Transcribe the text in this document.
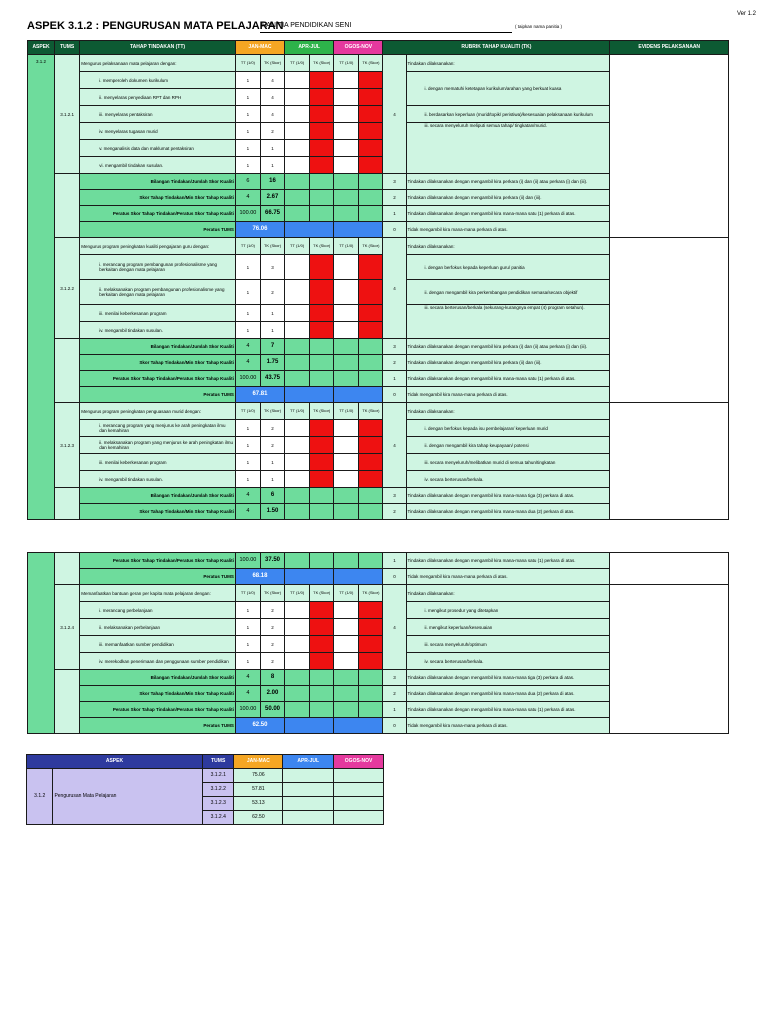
Ver 1.2
ASPEK 3.1.2 : PENGURUSAN MATA PELAJARAN
PANITIA PENDIDIKAN SENI	( taipkan nama panitia )
ASPEK	TUMS	TAHAP TINDAKAN (TT)	JAN-MAC		APR-JUL		OGOS-NOV		RUBRIK TAHAP KUALITI (TK)		EVIDENS PELAKSANAAN
3.1.2	3.1.2.1	Mengurus pelaksanaan mata pelajaran dengan:	TT (1/0)	TK (Skor)	TT (1/0)	TK (Skor)	TT (1/0)	TK (Skor)	4	Tindakan dilaksanakan:	
		i. memperoleh dokumen kurikulum	1	4						i. dengan mematuhi ketetapan kurikulum/arahan yang berkuat kuasa	
		ii. menyelaras penyediaan RPT dan RPH	1	4							
		iii. menyelaras pentaksiran	1	4						ii. berdasarkan keperluan (murid/topik/ peristiwa)/kesesuaian pelaksanaan kurikulum	
		iv. menyelaras tugasan murid	1	2						iii. secara menyeluruh meliputi semua tahap/ tingkatan/murid.	
		v. menganalisis data dan maklumat pentaksiran	1	1							
		vi. mengambil tindakan susulan.	1	1							
		Bilangan Tindakan/Jumlah Skor Kualiti	6	16					3	Tindakan dilaksanakan dengan mengambil kira perkara (i) dan (ii) atau perkara (i) dan (iii).	
		Skor Tahap Tindakan/Min Skor Tahap Kualiti	4	2.67					2	Tindakan dilaksanakan dengan mengambil kira perkara (ii) dan (iii).	
		Peratus Skor Tahap Tindakan/Peratus Skor Tahap Kualiti	100.00	66.75					1	Tindakan dilaksanakan dengan mengambil kira mana-mana satu (1) perkara di atas.	
		Peratus TUMS	76.06						0	Tidak mengambil kira mana-mana perkara di atas.	
	3.1.2.2	Mengurus program peningkatan kualiti pengajaran guru dengan:	TT (1/0)	TK (Skor)	TT (1/0)	TK (Skor)	TT (1/0)	TK (Skor)	4	Tindakan dilaksanakan:	
		i. merancang program pembangunan profesionalisme yang berkaitan dengan mata pelajaran	1	3						i. dengan berfokus kepada keperluan guru/ panitia	
		ii. melaksanakan program pembangunan profesionalisme yang berkaitan dengan mata pelajaran	1	2						ii. dengan mengambil kira perkembangan pendidikan semasa/secara objektif	
		iii. menilai keberkesanan program	1	1						iii. secara berterusan/berkala (sekurang-kurangnya empat (4) program setahun).	
		iv. mengambil tindakan susulan.	1	1							
		Bilangan Tindakan/Jumlah Skor Kualiti	4	7					3	Tindakan dilaksanakan dengan mengambil kira perkara (i) dan (ii) atau perkara (i) dan (iii).	
		Skor Tahap Tindakan/Min Skor Tahap Kualiti	4	1.75					2	Tindakan dilaksanakan dengan mengambil kira perkara (ii) dan (iii).	
		Peratus Skor Tahap Tindakan/Peratus Skor Tahap Kualiti	100.00	43.75					1	Tindakan dilaksanakan dengan mengambil kira mana-mana satu (1) perkara di atas.	
		Peratus TUMS	67.81						0	Tidak mengambil kira mana-mana perkara di atas.	
	3.1.2.3	Mengurus program peningkatan penguasaan murid dengan:	TT (1/0)	TK (Skor)	TT (1/0)	TK (Skor)	TT (1/0)	TK (Skor)	4	Tindakan dilaksanakan:	
		i. merancang program yang menjurus ke arah peningkatan ilmu dan kemahiran	1	2						i. dengan berfokus kepada isu pembelajaran/ keperluan murid	
		ii. melaksanakan program yang menjurus ke arah peningkatan ilmu dan kemahiran	1	2						ii. dengan mengambil kira tahap keupayaan/ potensi	
		iii. menilai keberkesanan program	1	1						iii. secara menyeluruh/melibatkan murid di semua tahun/tingkatan	
		iv. mengambil tindakan susulan.	1	1						iv. secara berterusan/berkala.	
		Bilangan Tindakan/Jumlah Skor Kualiti	4	6					3	Tindakan dilaksanakan dengan mengambil kira mana-mana tiga (3) perkara di atas.	
		Skor Tahap Tindakan/Min Skor Tahap Kualiti	4	1.50					2	Tindakan dilaksanakan dengan mengambil kira mana-mana dua (2) perkara di atas.	
		Peratus Skor Tahap Tindakan/Peratus Skor Tahap Kualiti	100.00	37.50					1	Tindakan dilaksanakan dengan mengambil kira mana-mana satu (1) perkara di atas.	
		Peratus TUMS	68.18						0	Tidak mengambil kira mana-mana perkara di atas.	
	3.1.2.4	Memanfaatkan bantuan geran per kapita mata pelajaran dengan:	TT (1/0)	TK (Skor)	TT (1/0)	TK (Skor)	TT (1/0)	TK (Skor)	4	Tindakan dilaksanakan:	
		i. merancang perbelanjaan	1	2						i. mengikut prosedur yang ditetapkan	
		ii. melaksanakan perbelanjaan	1	2						ii. mengikut keperluan/kesesuaian	
		iii. memanfaatkan sumber pendidikan	1	2						iii. secara menyeluruh/optimum	
		iv. merekodkan penerimaan dan penggunaan sumber pendidikan	1	2						iv. secara berterusan/berkala.	
		Bilangan Tindakan/Jumlah Skor Kualiti	4	8					3	Tindakan dilaksanakan dengan mengambil kira mana-mana tiga (3) perkara di atas.	
		Skor Tahap Tindakan/Min Skor Tahap Kualiti	4	2.00					2	Tindakan dilaksanakan dengan mengambil kira mana-mana dua (2) perkara di atas.	
		Peratus Skor Tahap Tindakan/Peratus Skor Tahap Kualiti	100.00	50.00					1	Tindakan dilaksanakan dengan mengambil kira mana-mana satu (1) perkara di atas.	
		Peratus TUMS	62.50						0	Tidak mengambil kira mana-mana perkara di atas.	
ASPEK		TUMS	JAN-MAC	APR-JUL	OGOS-NOV
3.1.2	Pengurusan Mata Pelajaran	3.1.2.1	75.06		
		3.1.2.2	57.81		
		3.1.2.3	53.13		
		3.1.2.4	62.50		
